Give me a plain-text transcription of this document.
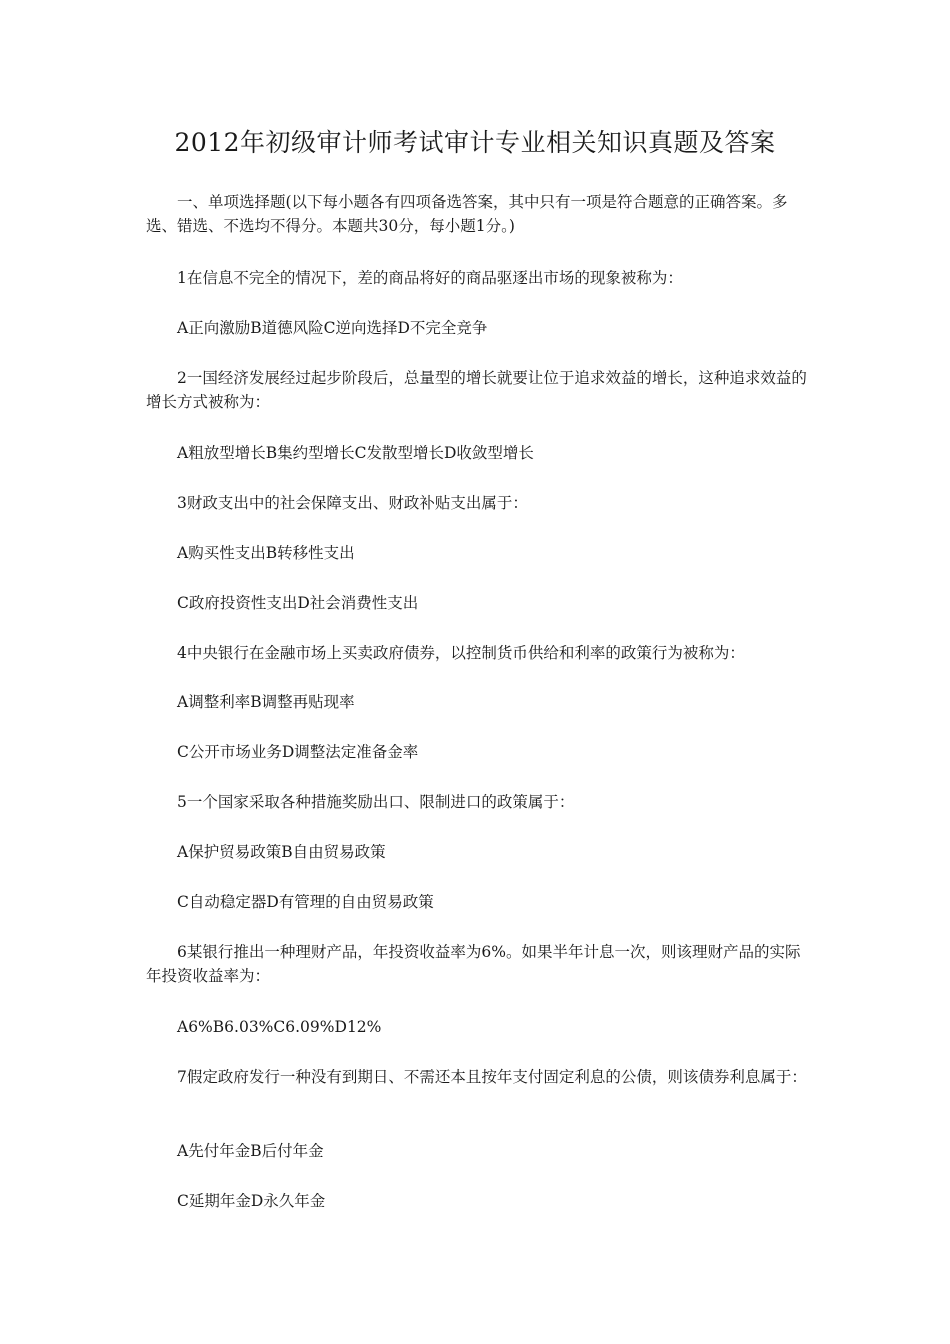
2012年初级审计师考试审计专业相关知识真题及答案

一、单项选择题(以下每小题各有四项备选答案，其中只有一项是符合题意的正确答案。多选、错选、不选均不得分。本题共30分，每小题1分。)

1在信息不完全的情况下，差的商品将好的商品驱逐出市场的现象被称为：

A正向激励B道德风险C逆向选择D不完全竞争

2一国经济发展经过起步阶段后，总量型的增长就要让位于追求效益的增长，这种追求效益的增长方式被称为：

A粗放型增长B集约型增长C发散型增长D收敛型增长

3财政支出中的社会保障支出、财政补贴支出属于：

A购买性支出B转移性支出

C政府投资性支出D社会消费性支出

4中央银行在金融市场上买卖政府债券，以控制货币供给和利率的政策行为被称为：

A调整利率B调整再贴现率

C公开市场业务D调整法定准备金率

5一个国家采取各种措施奖励出口、限制进口的政策属于：

A保护贸易政策B自由贸易政策

C自动稳定器D有管理的自由贸易政策

6某银行推出一种理财产品，年投资收益率为6%。如果半年计息一次，则该理财产品的实际年投资收益率为：

A6%B6.03%C6.09%D12%

7假定政府发行一种没有到期日、不需还本且按年支付固定利息的公债，则该债券利息属于：

A先付年金B后付年金

C延期年金D永久年金
